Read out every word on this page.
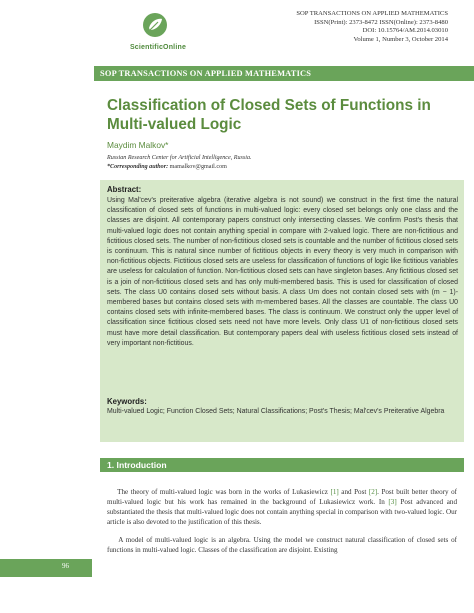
ScientificOnline
SOP TRANSACTIONS ON APPLIED MATHEMATICS
ISSN(Print): 2373-8472 ISSN(Online): 2373-8480
DOI: 10.15764/AM.2014.03010
Volume 1, Number 3, October 2014
SOP TRANSACTIONS ON APPLIED MATHEMATICS
Classification of Closed Sets of Functions in Multi-valued Logic
Maydim Malkov*
Russian Research Center for Artificial Intelligence, Russia.
*Corresponding author: mamalkov@gmail.com
Abstract:
Using Mal'cev's preiterative algebra (iterative algebra is not sound) we construct in the first time the natural classification of closed sets of functions in multi-valued logic: every closed set belongs only one class and the classes are disjoint. All contemporary papers construct only intersecting classes. We confirm Post's thesis that multi-valued logic does not contain anything special in compare with 2-valued logic. There are non-fictitious and fictitious closed sets. The number of non-fictitious closed sets is countable and the number of fictitious closed sets is continuum. This is natural since number of fictitious objects in every theory is very much in comparison with non-fictitious objects. Fictitious closed sets are useless for classification of functions of logic like fictitious variables are useless for calculation of function. Non-fictitious closed sets can have singleton bases. Any fictitious closed set is a join of non-fictitious closed sets and has only multi-membered basis. This is used for classification of closed sets. The class U0 contains closed sets without basis. A class Um does not contain closed sets with (m − 1)-membered bases but contains closed sets with m-membered bases. All the classes are countable. The class U0 contains closed sets with infinite-membered bases. The class is continuum. We construct only the upper level of classification since fictitious closed sets need not have more levels. Only class U1 of non-fictitious closed sets must have more detail classification. But contemporary papers deal with useless fictitious closed sets instead of very important non-fictitious.
Keywords:
Multi-valued Logic; Function Closed Sets; Natural Classifications; Post's Thesis; Mal'cev's Preiterative Algebra
1. Introduction
The theory of multi-valued logic was born in the works of Lukasiewicz [1] and Post [2]. Post built better theory of multi-valued logic but his work has remained in the background of Lukasiewicz work. In [3] Post advanced and substantiated the thesis that multi-valued logic does not contain anything special in comparison with two-valued logic. Our article is also devoted to the justification of this thesis.
A model of multi-valued logic is an algebra. Using the model we construct natural classification of closed sets of functions in multi-valued logic. Classes of the classification are disjoint. Existing
96
